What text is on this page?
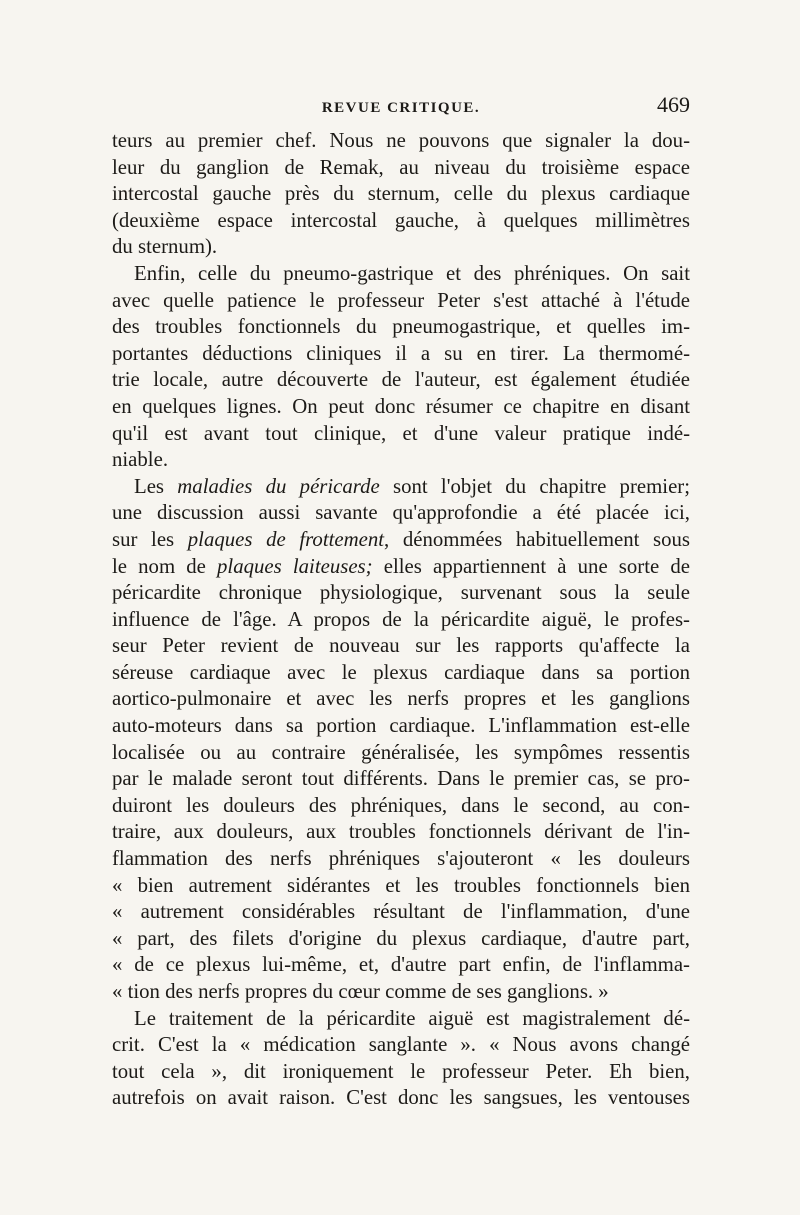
REVUE CRITIQUE.	469
teurs au premier chef. Nous ne pouvons que signaler la dou-
leur du ganglion de Remak, au niveau du troisième espace
intercostal gauche près du sternum, celle du plexus cardiaque
(deuxième espace intercostal gauche, à quelques millimètres
du sternum).
Enfin, celle du pneumo-gastrique et des phréniques. On sait
avec quelle patience le professeur Peter s'est attaché à l'étude
des troubles fonctionnels du pneumogastrique, et quelles im-
portantes déductions cliniques il a su en tirer. La thermomé-
trie locale, autre découverte de l'auteur, est également étudiée
en quelques lignes. On peut donc résumer ce chapitre en disant
qu'il est avant tout clinique, et d'une valeur pratique indé-
niable.
Les maladies du péricarde sont l'objet du chapitre premier;
une discussion aussi savante qu'approfondie a été placée ici,
sur les plaques de frottement, dénommées habituellement sous
le nom de plaques laiteuses; elles appartiennent à une sorte de
péricardite chronique physiologique, survenant sous la seule
influence de l'âge. A propos de la péricardite aiguë, le profes-
seur Peter revient de nouveau sur les rapports qu'affecte la
séreuse cardiaque avec le plexus cardiaque dans sa portion
aortico-pulmonaire et avec les nerfs propres et les ganglions
auto-moteurs dans sa portion cardiaque. L'inflammation est-elle
localisée ou au contraire généralisée, les sympômes ressentis
par le malade seront tout différents. Dans le premier cas, se pro-
duiront les douleurs des phréniques, dans le second, au con-
traire, aux douleurs, aux troubles fonctionnels dérivant de l'in-
flammation des nerfs phréniques s'ajouteront « les douleurs
« bien autrement sidérantes et les troubles fonctionnels bien
« autrement considérables résultant de l'inflammation, d'une
« part, des filets d'origine du plexus cardiaque, d'autre part,
« de ce plexus lui-même, et, d'autre part enfin, de l'inflamma-
« tion des nerfs propres du cœur comme de ses ganglions. »
Le traitement de la péricardite aiguë est magistralement dé-
crit. C'est la « médication sanglante ». « Nous avons changé
tout cela », dit ironiquement le professeur Peter. Eh bien,
autrefois on avait raison. C'est donc les sangsues, les ventouses
